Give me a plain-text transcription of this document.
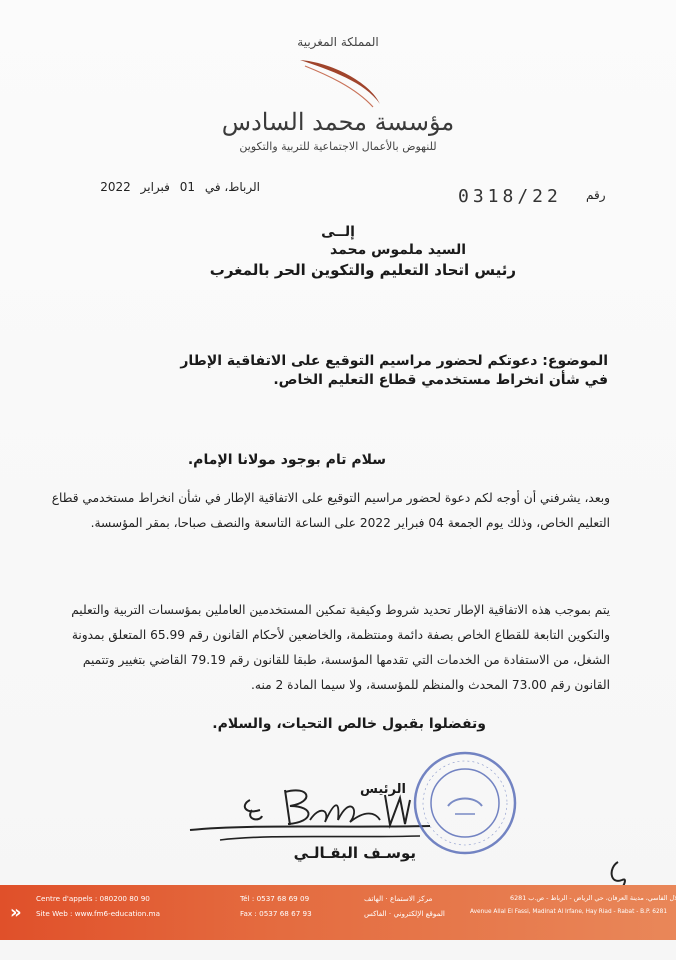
المملكة المغربية
مؤسسة محمد السادس
للنهوض بالأعمال الاجتماعية للتربية والتكوين
رقم
0318/22
الرباط، في 01 فبراير 2022
إلــى
السيد ملموس محمد
رئيس اتحاد التعليم والتكوين الحر بالمغرب
الموضوع: دعوتكم لحضور مراسيم التوقيع على الاتفاقية الإطار
في شأن انخراط مستخدمي قطاع التعليم الخاص.
سلام تام بوجود مولانا الإمام.
وبعد، يشرفني أن أوجه لكم دعوة لحضور مراسيم التوقيع على الاتفاقية الإطار في شأن انخراط مستخدمي قطاع التعليم الخاص، وذلك يوم الجمعة 04 فبراير 2022 على الساعة التاسعة والنصف صباحا، بمقر المؤسسة.
يتم بموجب هذه الاتفاقية الإطار تحديد شروط وكيفية تمكين المستخدمين العاملين بمؤسسات التربية والتعليم والتكوين التابعة للقطاع الخاص بصفة دائمة ومنتظمة، والخاضعين لأحكام القانون رقم 65.99 المتعلق بمدونة الشغل، من الاستفادة من الخدمات التي تقدمها المؤسسة، طبقا للقانون رقم 79.19 القاضي بتغيير وتتميم القانون رقم 73.00 المحدث والمنظم للمؤسسة، ولا سيما المادة 2 منه.
وتفضلوا بقبول خالص التحيات، والسلام.
الرئيس
يوسـف البقـالـي
»
Centre d'appels : 080200 80 90
Site Web : www.fm6-education.ma
Tél : 0537 68 69 09
Fax : 0537 68 67 93
مركز الاستماع · الهاتف
الموقع الإلكتروني · الفاكس
شارع علال الفاسي، مدينة العرفان، حي الرياض - الرباط - ص.ب 6281
Avenue Allal El Fassi, Madinat Al Irfane, Hay Riad - Rabat - B.P. 6281
